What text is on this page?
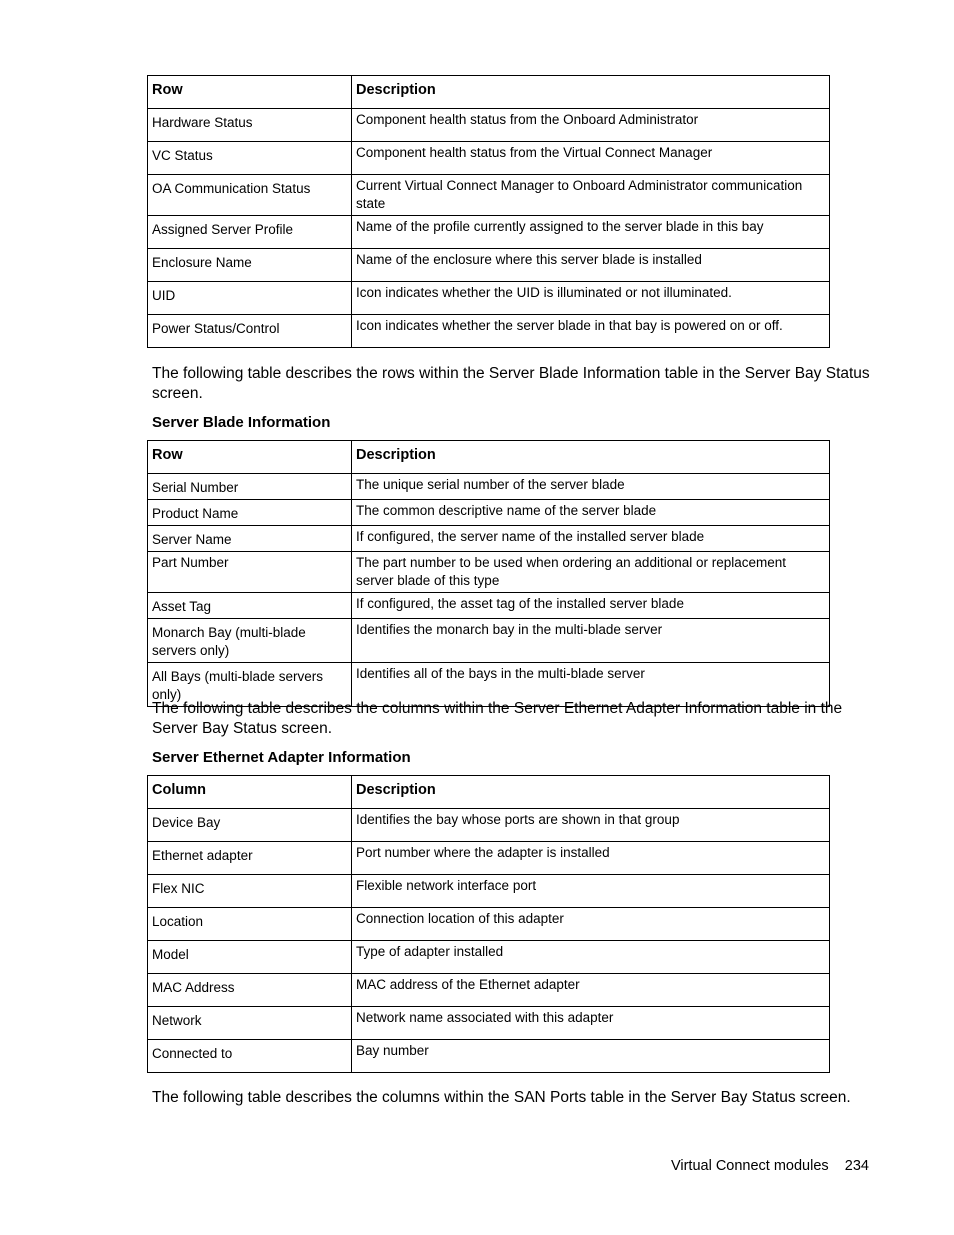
Row	Description
Hardware Status	Component health status from the Onboard Administrator
VC Status	Component health status from the Virtual Connect Manager
OA Communication Status	Current Virtual Connect Manager to Onboard Administrator communication state
Assigned Server Profile	Name of the profile currently assigned to the server blade in this bay
Enclosure Name	Name of the enclosure where this server blade is installed
UID	Icon indicates whether the UID is illuminated or not illuminated.
Power Status/Control	Icon indicates whether the server blade in that bay is powered on or off.

The following table describes the rows within the Server Blade Information table in the Server Bay Status screen.

Server Blade Information

Row	Description
Serial Number	The unique serial number of the server blade
Product Name	The common descriptive name of the server blade
Server Name	If configured, the server name of the installed server blade
Part Number	The part number to be used when ordering an additional or replacement server blade of this type
Asset Tag	If configured, the asset tag of the installed server blade
Monarch Bay (multi-blade servers only)	Identifies the monarch bay in the multi-blade server
All Bays (multi-blade servers only)	Identifies all of the bays in the multi-blade server

The following table describes the columns within the Server Ethernet Adapter Information table in the Server Bay Status screen.

Server Ethernet Adapter Information

Column	Description
Device Bay	Identifies the bay whose ports are shown in that group
Ethernet adapter	Port number where the adapter is installed
Flex NIC	Flexible network interface port
Location	Connection location of this adapter
Model	Type of adapter installed
MAC Address	MAC address of the Ethernet adapter
Network	Network name associated with this adapter
Connected to	Bay number

The following table describes the columns within the SAN Ports table in the Server Bay Status screen.

Virtual Connect modules 234
